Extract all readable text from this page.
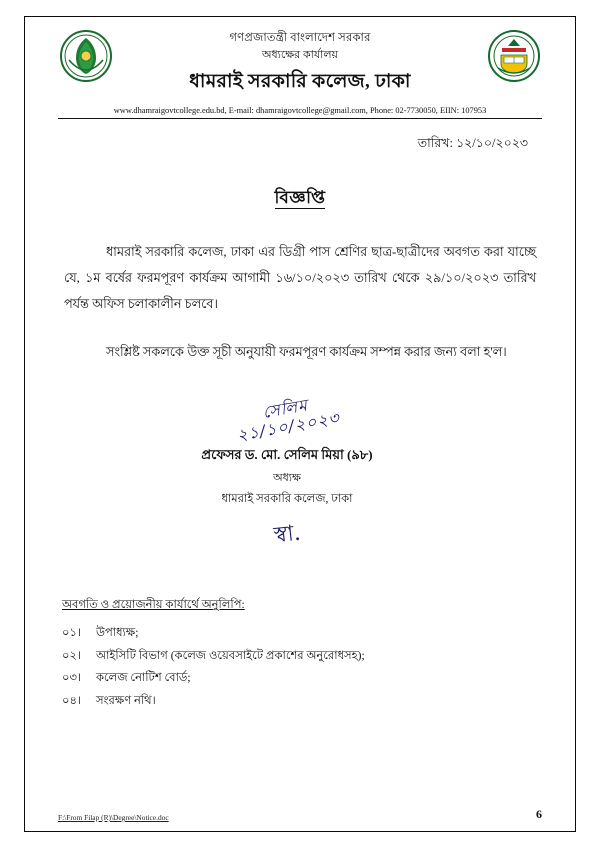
গণপ্রজাতন্ত্রী বাংলাদেশ সরকার
অধ্যক্ষের কার্যালয়
ধামরাই সরকারি কলেজ, ঢাকা
www.dhamraigovtcollege.edu.bd, E-mail: dhamraigovtcollege@gmail.com, Phone: 02-7730050, EIIN: 107953
তারিখ: ১২/১০/২০২৩
বিজ্ঞপ্তি

ধামরাই সরকারি কলেজ, ঢাকা এর ডিগ্রী পাস শ্রেণির ছাত্র-ছাত্রীদের অবগত করা যাচ্ছে যে, ১ম বর্ষের ফরমপূরণ কার্যক্রম আগামী ১৬/১০/২০২৩ তারিখ থেকে ২৯/১০/২০২৩ তারিখ পর্যন্ত অফিস চলাকালীন চলবে।

সংশ্লিষ্ট সকলকে উক্ত সূচী অনুযায়ী ফরমপূরণ কার্যক্রম সম্পন্ন করার জন্য বলা হ'ল।

সেলিম
২১/১০/২০২৩
প্রফেসর ড. মো. সেলিম মিয়া (৯৮)
অধ্যক্ষ
ধামরাই সরকারি কলেজ, ঢাকা
স্বা.
অবগতি ও প্রয়োজনীয় কার্যার্থে অনুলিপি:
০১।	উপাধ্যক্ষ;
০২।	আইসিটি বিভাগ (কলেজ ওয়েবসাইটে প্রকাশের অনুরোধসহ);
০৩।	কলেজ নোটিশ বোর্ড;
০৪।	সংরক্ষণ নথি।
F:\From Filap (R)\Degree\Notice.doc	6
